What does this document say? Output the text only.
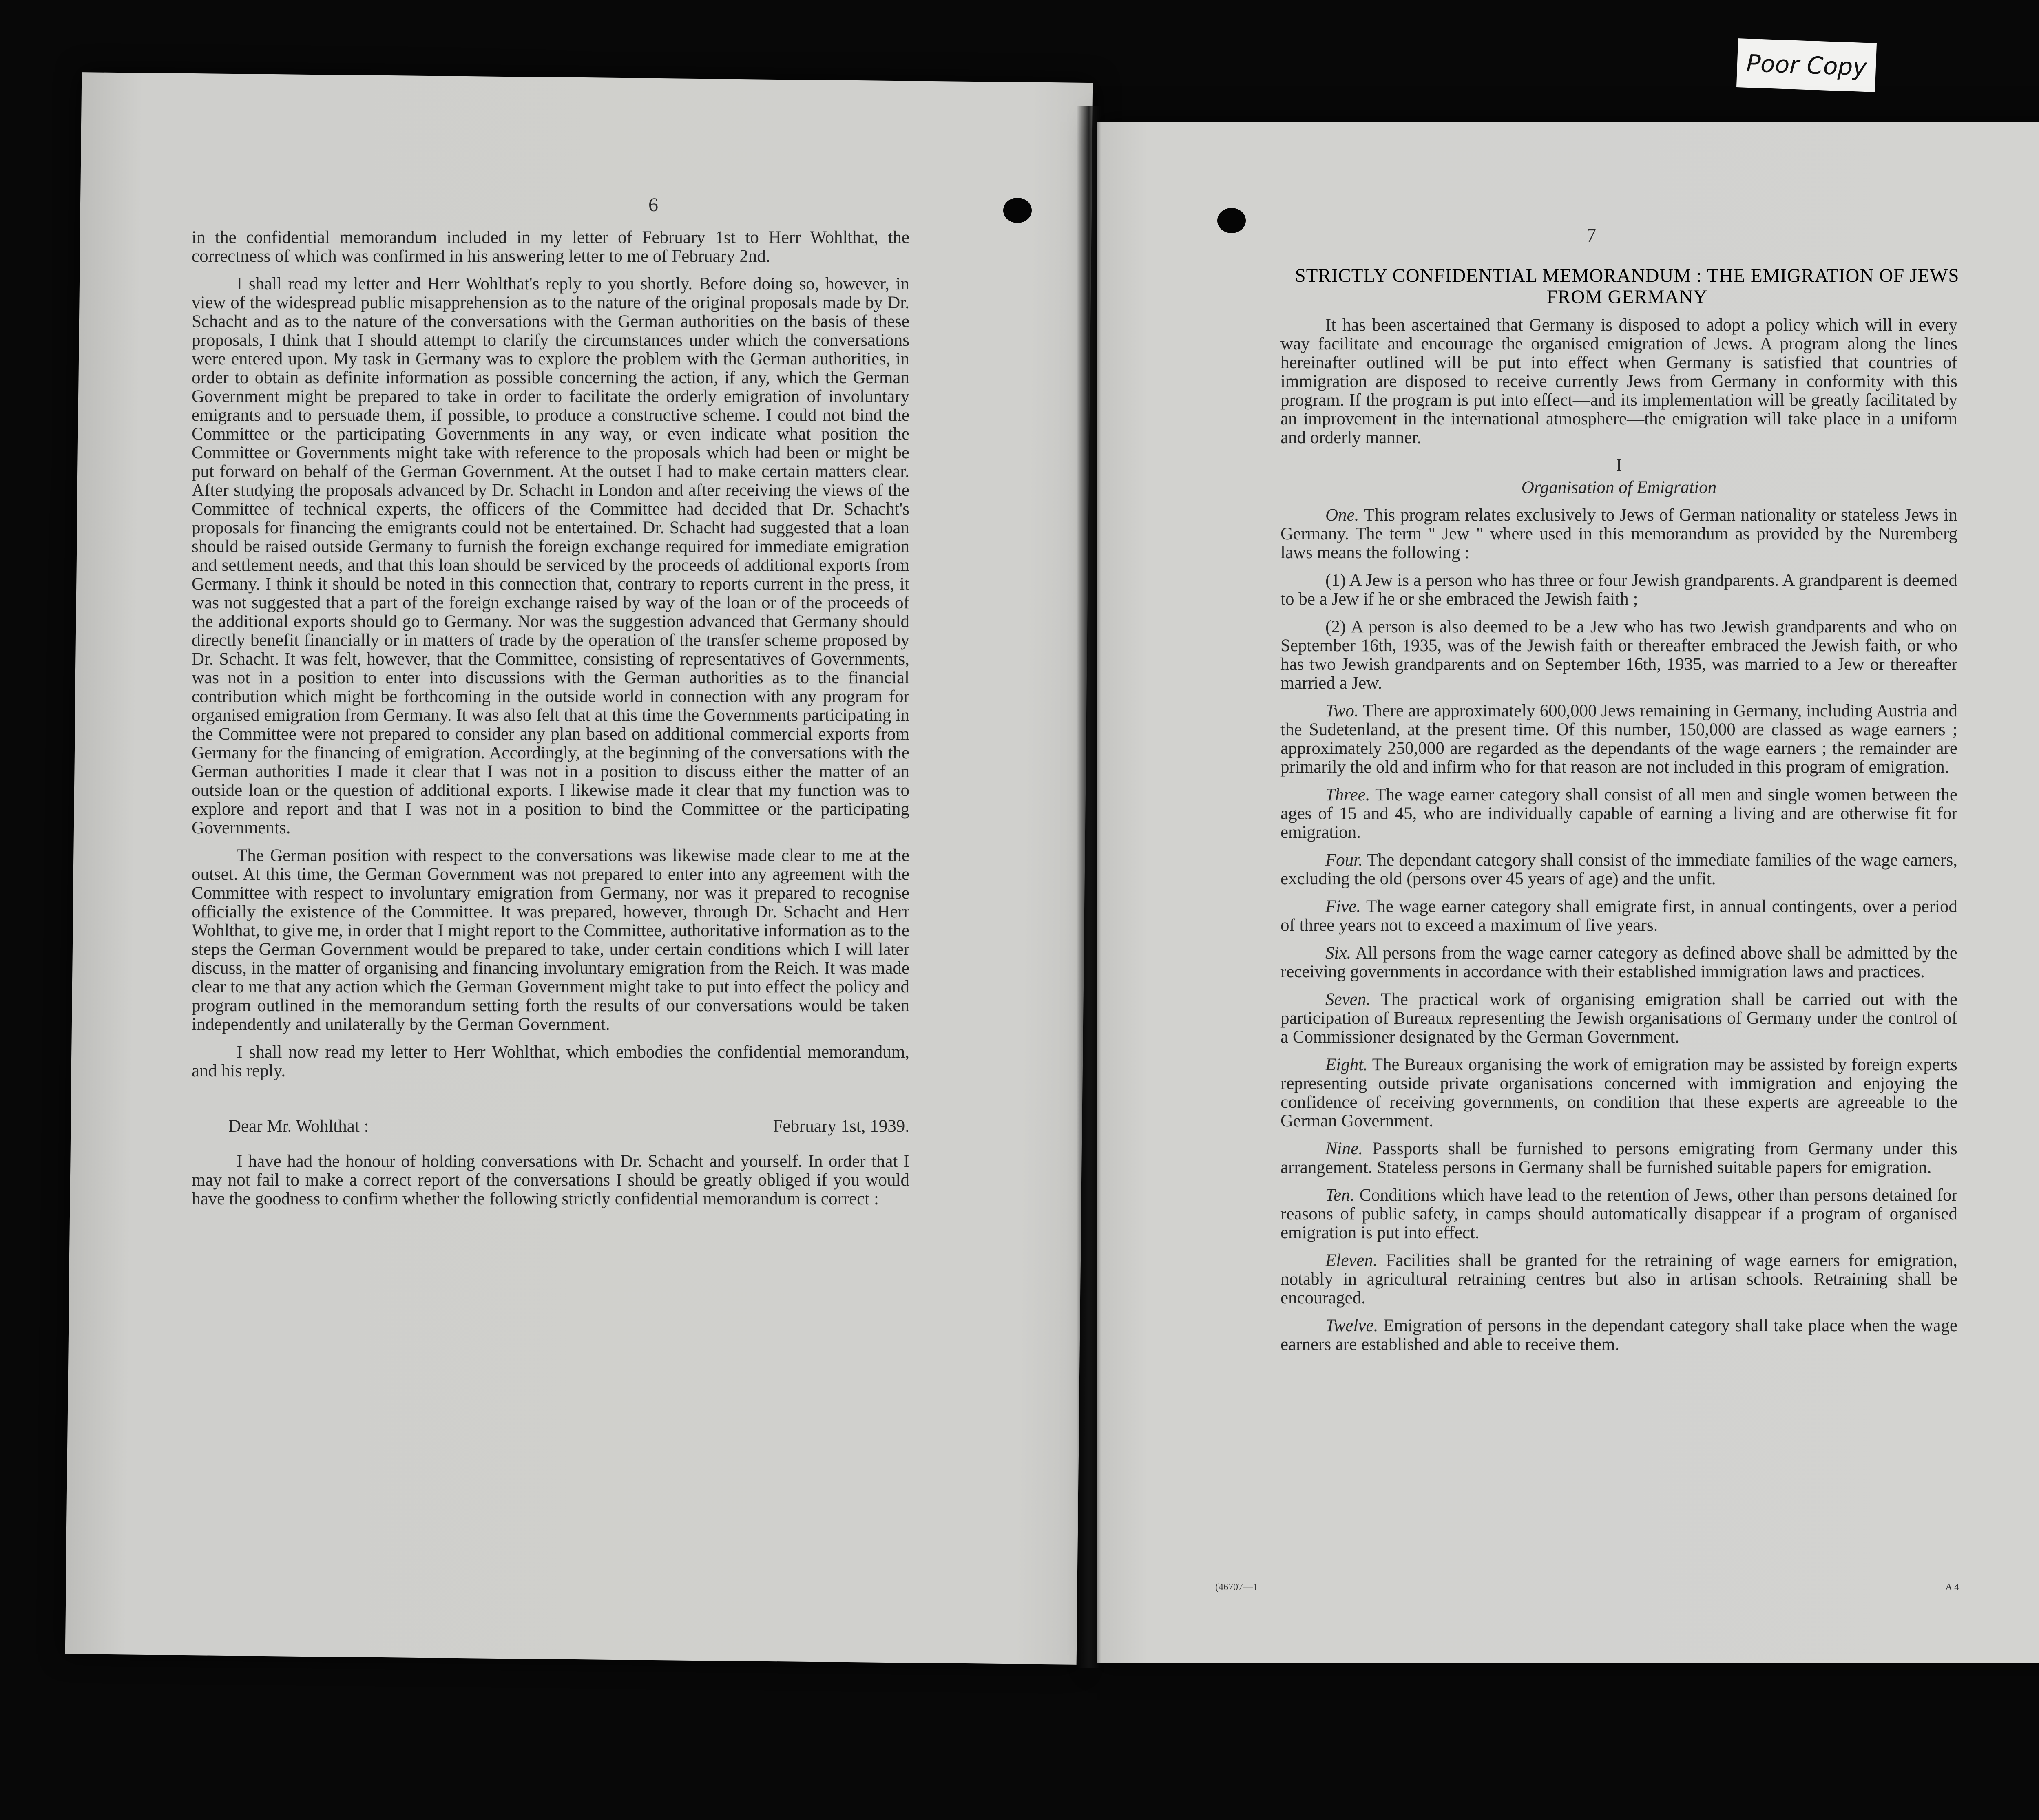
Poor Copy
6
7

in the confidential memorandum included in my letter of February 1st to Herr Wohlthat, the correctness of which was confirmed in his answering letter to me of February 2nd.

I shall read my letter and Herr Wohlthat's reply to you shortly. Before doing so, however, in view of the widespread public misapprehension as to the nature of the original proposals made by Dr. Schacht and as to the nature of the conversations with the German authorities on the basis of these proposals, I think that I should attempt to clarify the circumstances under which the conversations were entered upon. My task in Germany was to explore the problem with the German authorities, in order to obtain as definite information as possible concerning the action, if any, which the German Government might be prepared to take in order to facilitate the orderly emigration of involuntary emigrants and to persuade them, if possible, to produce a constructive scheme. I could not bind the Committee or the participating Governments in any way, or even indicate what position the Committee or Governments might take with reference to the proposals which had been or might be put forward on behalf of the German Government. At the outset I had to make certain matters clear. After studying the proposals advanced by Dr. Schacht in London and after receiving the views of the Committee of technical experts, the officers of the Committee had decided that Dr. Schacht's proposals for financing the emigrants could not be entertained. Dr. Schacht had suggested that a loan should be raised outside Germany to furnish the foreign exchange required for immediate emigration and settlement needs, and that this loan should be serviced by the proceeds of additional exports from Germany. I think it should be noted in this connection that, contrary to reports current in the press, it was not suggested that a part of the foreign exchange raised by way of the loan or of the proceeds of the additional exports should go to Germany. Nor was the suggestion advanced that Germany should directly benefit financially or in matters of trade by the operation of the transfer scheme proposed by Dr. Schacht. It was felt, however, that the Committee, consisting of representatives of Governments, was not in a position to enter into discussions with the German authorities as to the financial contribution which might be forthcoming in the outside world in connection with any program for organised emigration from Germany. It was also felt that at this time the Governments participating in the Committee were not prepared to consider any plan based on additional commercial exports from Germany for the financing of emigration. Accordingly, at the beginning of the conversations with the German authorities I made it clear that I was not in a position to discuss either the matter of an outside loan or the question of additional exports. I likewise made it clear that my function was to explore and report and that I was not in a position to bind the Committee or the participating Governments.

The German position with respect to the conversations was likewise made clear to me at the outset. At this time, the German Government was not prepared to enter into any agreement with the Committee with respect to involuntary emigration from Germany, nor was it prepared to recognise officially the existence of the Committee. It was prepared, however, through Dr. Schacht and Herr Wohlthat, to give me, in order that I might report to the Committee, authoritative information as to the steps the German Government would be prepared to take, under certain conditions which I will later discuss, in the matter of organising and financing involuntary emigration from the Reich. It was made clear to me that any action which the German Government might take to put into effect the policy and program outlined in the memorandum setting forth the results of our conversations would be taken independently and unilaterally by the German Government.

I shall now read my letter to Herr Wohlthat, which embodies the confidential memorandum, and his reply.

Dear Mr. Wohlthat :	February 1st, 1939.

I have had the honour of holding conversations with Dr. Schacht and yourself. In order that I may not fail to make a correct report of the conversations I should be greatly obliged if you would have the goodness to confirm whether the following strictly confidential memorandum is correct :

STRICTLY CONFIDENTIAL MEMORANDUM : THE EMIGRATION OF JEWS FROM GERMANY

It has been ascertained that Germany is disposed to adopt a policy which will in every way facilitate and encourage the organised emigration of Jews. A program along the lines hereinafter outlined will be put into effect when Germany is satisfied that countries of immigration are disposed to receive currently Jews from Germany in conformity with this program. If the program is put into effect—and its implementation will be greatly facilitated by an improvement in the international atmosphere—the emigration will take place in a uniform and orderly manner.

I
Organisation of Emigration

One. This program relates exclusively to Jews of German nationality or stateless Jews in Germany. The term " Jew " where used in this memorandum as provided by the Nuremberg laws means the following :

(1) A Jew is a person who has three or four Jewish grandparents. A grandparent is deemed to be a Jew if he or she embraced the Jewish faith ;

(2) A person is also deemed to be a Jew who has two Jewish grandparents and who on September 16th, 1935, was of the Jewish faith or thereafter embraced the Jewish faith, or who has two Jewish grandparents and on September 16th, 1935, was married to a Jew or thereafter married a Jew.

Two. There are approximately 600,000 Jews remaining in Germany, including Austria and the Sudetenland, at the present time. Of this number, 150,000 are classed as wage earners ; approximately 250,000 are regarded as the dependants of the wage earners ; the remainder are primarily the old and infirm who for that reason are not included in this program of emigration.

Three. The wage earner category shall consist of all men and single women between the ages of 15 and 45, who are individually capable of earning a living and are otherwise fit for emigration.

Four. The dependant category shall consist of the immediate families of the wage earners, excluding the old (persons over 45 years of age) and the unfit.

Five. The wage earner category shall emigrate first, in annual contingents, over a period of three years not to exceed a maximum of five years.

Six. All persons from the wage earner category as defined above shall be admitted by the receiving governments in accordance with their established immigration laws and practices.

Seven. The practical work of organising emigration shall be carried out with the participation of Bureaux representing the Jewish organisations of Germany under the control of a Commissioner designated by the German Government.

Eight. The Bureaux organising the work of emigration may be assisted by foreign experts representing outside private organisations concerned with immigration and enjoying the confidence of receiving governments, on condition that these experts are agreeable to the German Government.

Nine. Passports shall be furnished to persons emigrating from Germany under this arrangement. Stateless persons in Germany shall be furnished suitable papers for emigration.

Ten. Conditions which have lead to the retention of Jews, other than persons detained for reasons of public safety, in camps should automatically disappear if a program of organised emigration is put into effect.

Eleven. Facilities shall be granted for the retraining of wage earners for emigration, notably in agricultural retraining centres but also in artisan schools. Retraining shall be encouraged.

Twelve. Emigration of persons in the dependant category shall take place when the wage earners are established and able to receive them.

(46707—1	A 4
